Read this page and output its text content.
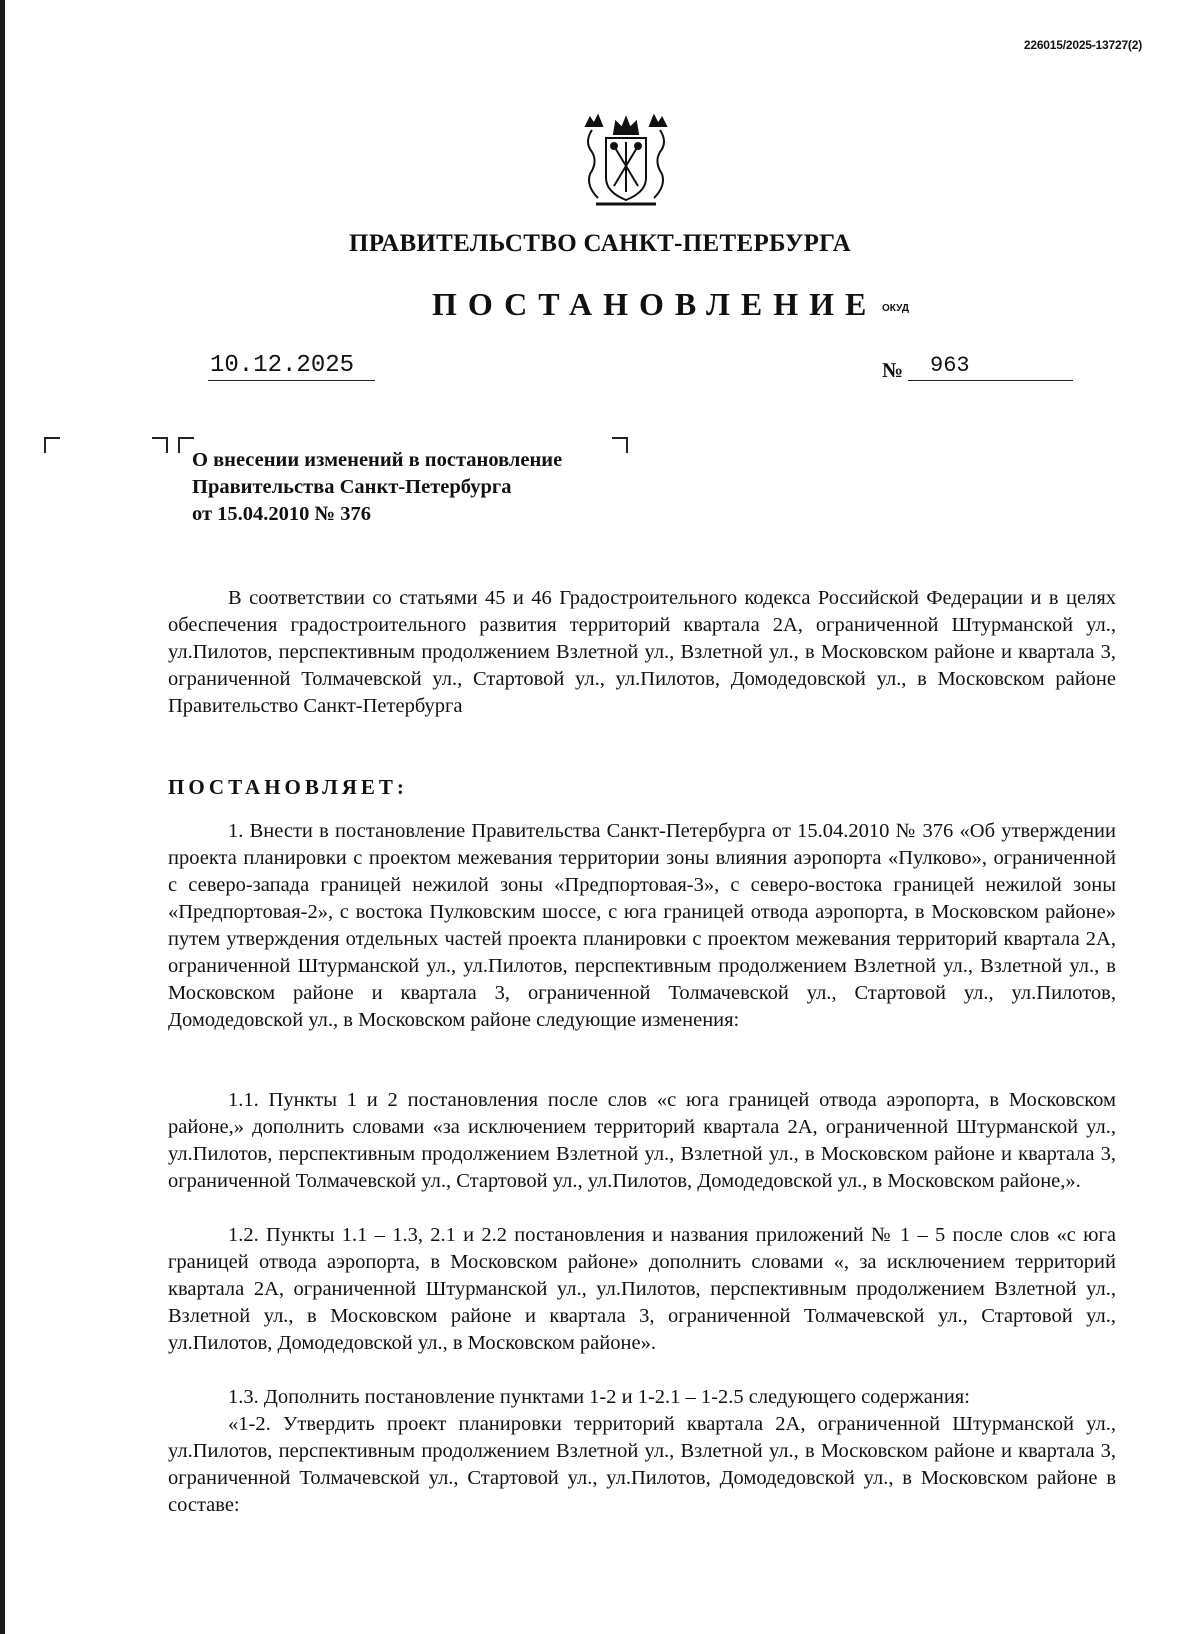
226015/2025-13727(2)
ПРАВИТЕЛЬСТВО САНКТ-ПЕТЕРБУРГА
ПОСТАНОВЛЕНИЕ ОКУД
10.12.2025	№	963
О внесении изменений в постановление
Правительства Санкт-Петербурга
от 15.04.2010 № 376
В соответствии со статьями 45 и 46 Градостроительного кодекса Российской Федерации и в целях обеспечения градостроительного развития территорий квартала 2А, ограниченной Штурманской ул., ул.Пилотов, перспективным продолжением Взлетной ул., Взлетной ул., в Московском районе и квартала 3, ограниченной Толмачевской ул., Стартовой ул., ул.Пилотов, Домодедовской ул., в Московском районе Правительство Санкт-Петербурга
ПОСТАНОВЛЯЕТ:
1. Внести в постановление Правительства Санкт-Петербурга от 15.04.2010 № 376 «Об утверждении проекта планировки с проектом межевания территории зоны влияния аэропорта «Пулково», ограниченной с северо-запада границей нежилой зоны «Предпортовая-3», с северо-востока границей нежилой зоны «Предпортовая-2», с востока Пулковским шоссе, с юга границей отвода аэропорта, в Московском районе» путем утверждения отдельных частей проекта планировки с проектом межевания территорий квартала 2А, ограниченной Штурманской ул., ул.Пилотов, перспективным продолжением Взлетной ул., Взлетной ул., в Московском районе и квартала 3, ограниченной Толмачевской ул., Стартовой ул., ул.Пилотов, Домодедовской ул., в Московском районе следующие изменения:
1.1. Пункты 1 и 2 постановления после слов «с юга границей отвода аэропорта, в Московском районе,» дополнить словами «за исключением территорий квартала 2А, ограниченной Штурманской ул., ул.Пилотов, перспективным продолжением Взлетной ул., Взлетной ул., в Московском районе и квартала 3, ограниченной Толмачевской ул., Стартовой ул., ул.Пилотов, Домодедовской ул., в Московском районе,».
1.2. Пункты 1.1 – 1.3, 2.1 и 2.2 постановления и названия приложений № 1 – 5 после слов «с юга границей отвода аэропорта, в Московском районе» дополнить словами «, за исключением территорий квартала 2А, ограниченной Штурманской ул., ул.Пилотов, перспективным продолжением Взлетной ул., Взлетной ул., в Московском районе и квартала 3, ограниченной Толмачевской ул., Стартовой ул., ул.Пилотов, Домодедовской ул., в Московском районе».
1.3. Дополнить постановление пунктами 1-2 и 1-2.1 – 1-2.5 следующего содержания:
«1-2. Утвердить проект планировки территорий квартала 2А, ограниченной Штурманской ул., ул.Пилотов, перспективным продолжением Взлетной ул., Взлетной ул., в Московском районе и квартала 3, ограниченной Толмачевской ул., Стартовой ул., ул.Пилотов, Домодедовской ул., в Московском районе в составе:
